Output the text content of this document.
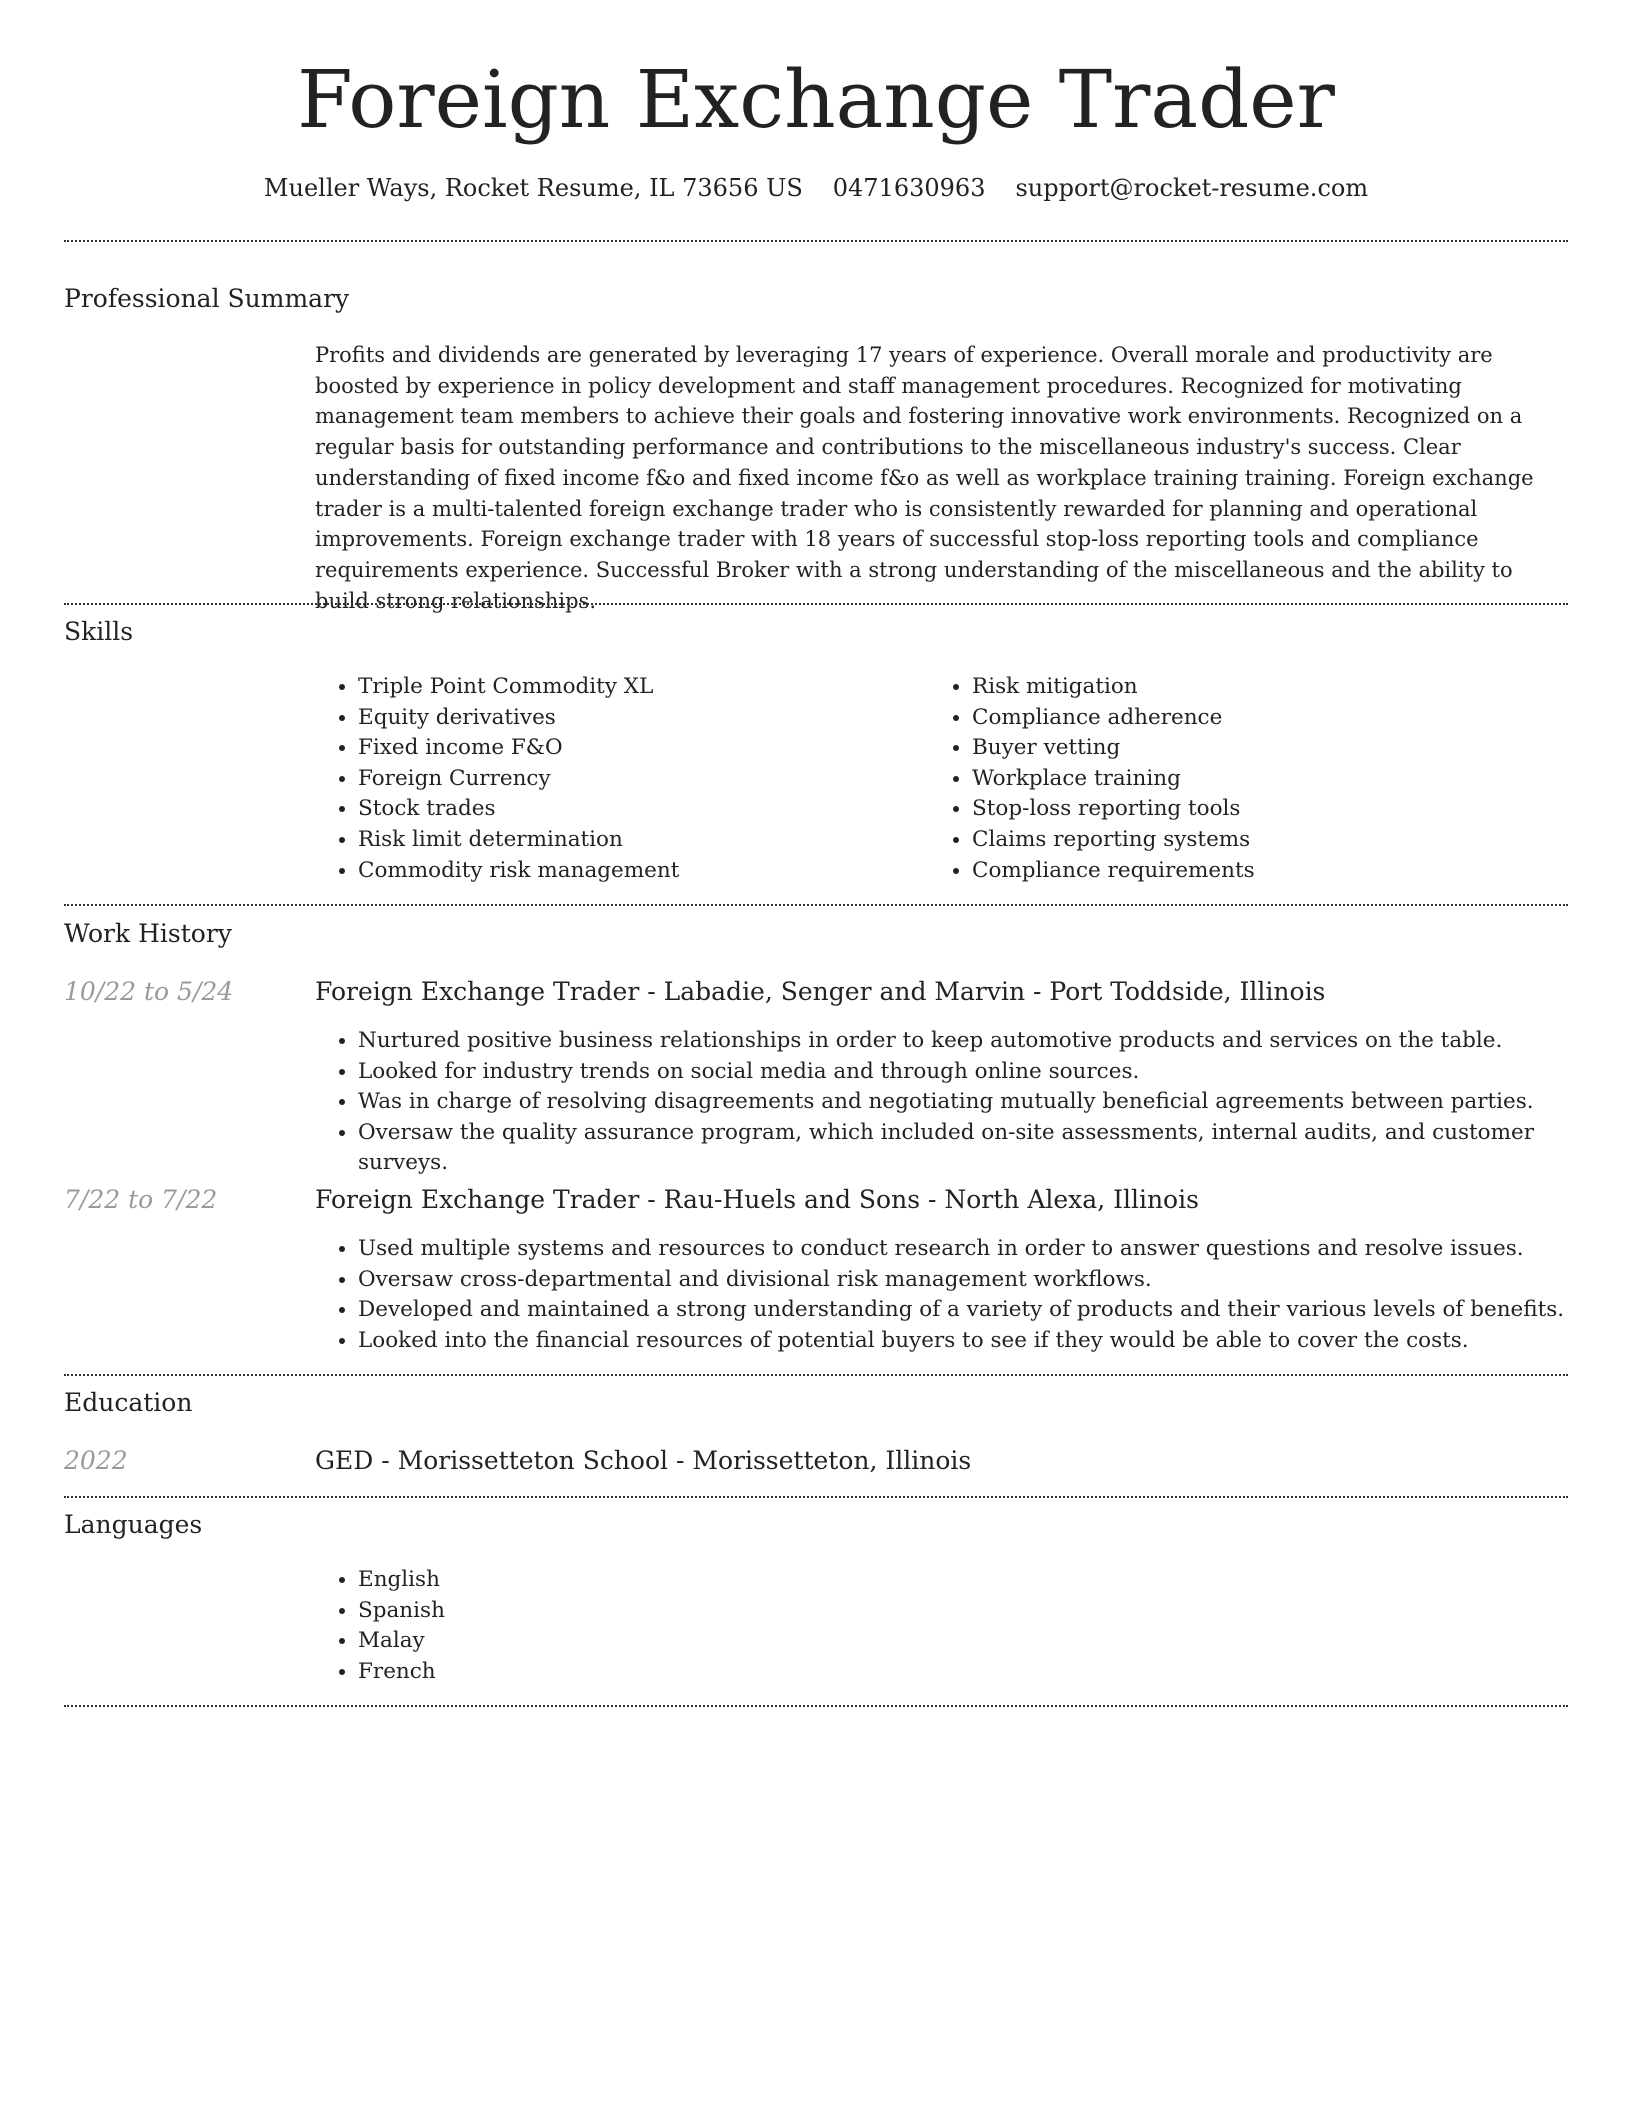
Foreign Exchange Trader
Mueller Ways, Rocket Resume, IL 73656 US 0471630963 support@rocket-resume.com
Professional Summary

Profits and dividends are generated by leveraging 17 years of experience. Overall morale and productivity are boosted by experience in policy development and staff management procedures. Recognized for motivating management team members to achieve their goals and fostering innovative work environments. Recognized on a regular basis for outstanding performance and contributions to the miscellaneous industry's success. Clear understanding of fixed income f&o and fixed income f&o as well as workplace training training. Foreign exchange trader is a multi-talented foreign exchange trader who is consistently rewarded for planning and operational improvements. Foreign exchange trader with 18 years of successful stop-loss reporting tools and compliance requirements experience. Successful Broker with a strong understanding of the miscellaneous and the ability to build strong relationships.

Skills
• Triple Point Commodity XL
• Equity derivatives
• Fixed income F&O
• Foreign Currency
• Stock trades
• Risk limit determination
• Commodity risk management
• Risk mitigation
• Compliance adherence
• Buyer vetting
• Workplace training
• Stop-loss reporting tools
• Claims reporting systems
• Compliance requirements
Work History
10/22 to 5/24	Foreign Exchange Trader - Labadie, Senger and Marvin - Port Toddside, Illinois
• Nurtured positive business relationships in order to keep automotive products and services on the table.
• Looked for industry trends on social media and through online sources.
• Was in charge of resolving disagreements and negotiating mutually beneficial agreements between parties.
• Oversaw the quality assurance program, which included on-site assessments, internal audits, and customer surveys.
7/22 to 7/22	Foreign Exchange Trader - Rau-Huels and Sons - North Alexa, Illinois
• Used multiple systems and resources to conduct research in order to answer questions and resolve issues.
• Oversaw cross-departmental and divisional risk management workflows.
• Developed and maintained a strong understanding of a variety of products and their various levels of benefits.
• Looked into the financial resources of potential buyers to see if they would be able to cover the costs.
Education
2022	GED - Morissetteton School - Morissetteton, Illinois
Languages
• English
• Spanish
• Malay
• French
